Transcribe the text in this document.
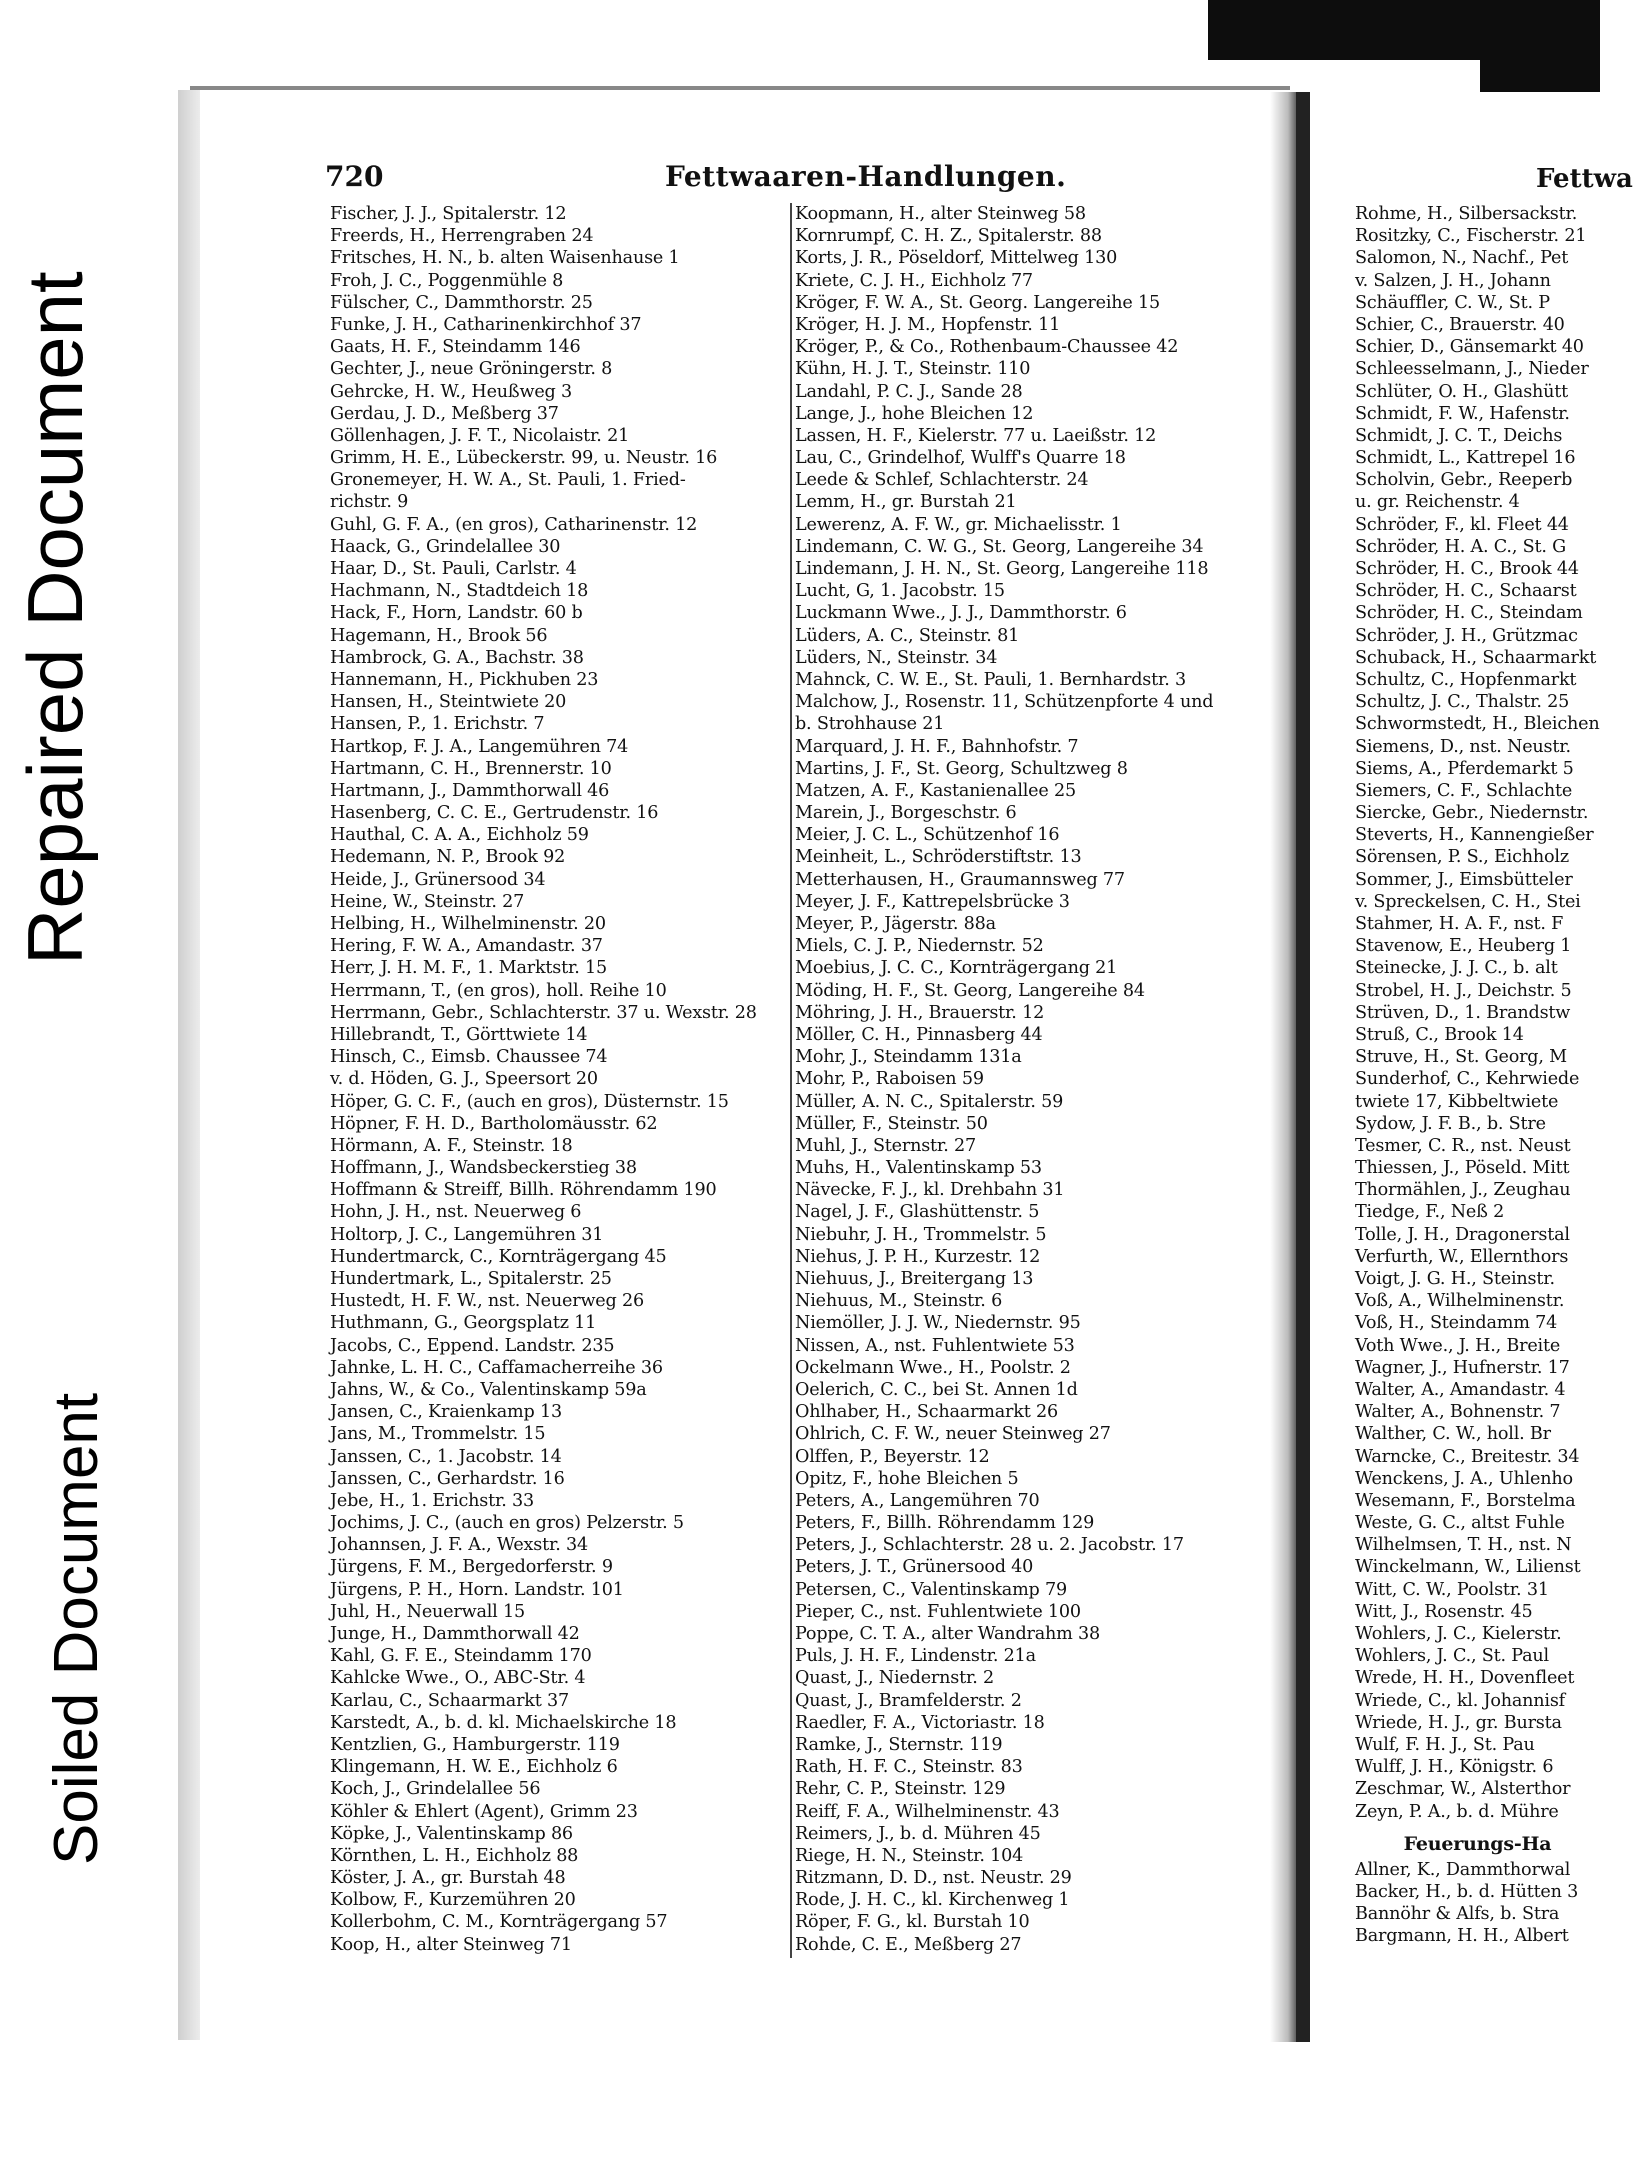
Repaired Document
Soiled Document
720	Fettwaaren-Handlungen.	Fettwa
Fischer, J. J., Spitalerstr. 12
Freerds, H., Herrengraben 24
Fritsches, H. N., b. alten Waisenhause 1
Froh, J. C., Poggenmühle 8
Fülscher, C., Dammthorstr. 25
Funke, J. H., Catharinenkirchhof 37
Gaats, H. F., Steindamm 146
Gechter, J., neue Gröningerstr. 8
Gehrcke, H. W., Heußweg 3
Gerdau, J. D., Meßberg 37
Göllenhagen, J. F. T., Nicolaistr. 21
Grimm, H. E., Lübeckerstr. 99, u. Neustr. 16
Gronemeyer, H. W. A., St. Pauli, 1. Fried-
richstr. 9
Guhl, G. F. A., (en gros), Catharinenstr. 12
Haack, G., Grindelallee 30
Haar, D., St. Pauli, Carlstr. 4
Hachmann, N., Stadtdeich 18
Hack, F., Horn, Landstr. 60 b
Hagemann, H., Brook 56
Hambrock, G. A., Bachstr. 38
Hannemann, H., Pickhuben 23
Hansen, H., Steintwiete 20
Hansen, P., 1. Erichstr. 7
Hartkop, F. J. A., Langemühren 74
Hartmann, C. H., Brennerstr. 10
Hartmann, J., Dammthorwall 46
Hasenberg, C. C. E., Gertrudenstr. 16
Hauthal, C. A. A., Eichholz 59
Hedemann, N. P., Brook 92
Heide, J., Grünersood 34
Heine, W., Steinstr. 27
Helbing, H., Wilhelminenstr. 20
Hering, F. W. A., Amandastr. 37
Herr, J. H. M. F., 1. Marktstr. 15
Herrmann, T., (en gros), holl. Reihe 10
Herrmann, Gebr., Schlachterstr. 37 u. Wexstr. 28
Hillebrandt, T., Görttwiete 14
Hinsch, C., Eimsb. Chaussee 74
v. d. Höden, G. J., Speersort 20
Höper, G. C. F., (auch en gros), Düsternstr. 15
Höpner, F. H. D., Bartholomäusstr. 62
Hörmann, A. F., Steinstr. 18
Hoffmann, J., Wandsbeckerstieg 38
Hoffmann & Streiff, Billh. Röhrendamm 190
Hohn, J. H., nst. Neuerweg 6
Holtorp, J. C., Langemühren 31
Hundertmarck, C., Kornträgergang 45
Hundertmark, L., Spitalerstr. 25
Hustedt, H. F. W., nst. Neuerweg 26
Huthmann, G., Georgsplatz 11
Jacobs, C., Eppend. Landstr. 235
Jahnke, L. H. C., Caffamacherreihe 36
Jahns, W., & Co., Valentinskamp 59a
Jansen, C., Kraienkamp 13
Jans, M., Trommelstr. 15
Janssen, C., 1. Jacobstr. 14
Janssen, C., Gerhardstr. 16
Jebe, H., 1. Erichstr. 33
Jochims, J. C., (auch en gros) Pelzerstr. 5
Johannsen, J. F. A., Wexstr. 34
Jürgens, F. M., Bergedorferstr. 9
Jürgens, P. H., Horn. Landstr. 101
Juhl, H., Neuerwall 15
Junge, H., Dammthorwall 42
Kahl, G. F. E., Steindamm 170
Kahlcke Wwe., O., ABC-Str. 4
Karlau, C., Schaarmarkt 37
Karstedt, A., b. d. kl. Michaelskirche 18
Kentzlien, G., Hamburgerstr. 119
Klingemann, H. W. E., Eichholz 6
Koch, J., Grindelallee 56
Köhler & Ehlert (Agent), Grimm 23
Köpke, J., Valentinskamp 86
Körnthen, L. H., Eichholz 88
Köster, J. A., gr. Burstah 48
Kolbow, F., Kurzemühren 20
Kollerbohm, C. M., Kornträgergang 57
Koop, H., alter Steinweg 71
Koopmann, H., alter Steinweg 58
Kornrumpf, C. H. Z., Spitalerstr. 88
Korts, J. R., Pöseldorf, Mittelweg 130
Kriete, C. J. H., Eichholz 77
Kröger, F. W. A., St. Georg. Langereihe 15
Kröger, H. J. M., Hopfenstr. 11
Kröger, P., & Co., Rothenbaum-Chaussee 42
Kühn, H. J. T., Steinstr. 110
Landahl, P. C. J., Sande 28
Lange, J., hohe Bleichen 12
Lassen, H. F., Kielerstr. 77 u. Laeißstr. 12
Lau, C., Grindelhof, Wulff's Quarre 18
Leede & Schlef, Schlachterstr. 24
Lemm, H., gr. Burstah 21
Lewerenz, A. F. W., gr. Michaelisstr. 1
Lindemann, C. W. G., St. Georg, Langereihe 34
Lindemann, J. H. N., St. Georg, Langereihe 118
Lucht, G, 1. Jacobstr. 15
Luckmann Wwe., J. J., Dammthorstr. 6
Lüders, A. C., Steinstr. 81
Lüders, N., Steinstr. 34
Mahnck, C. W. E., St. Pauli, 1. Bernhardstr. 3
Malchow, J., Rosenstr. 11, Schützenpforte 4 und
b. Strohhause 21
Marquard, J. H. F., Bahnhofstr. 7
Martins, J. F., St. Georg, Schultzweg 8
Matzen, A. F., Kastanienallee 25
Marein, J., Borgeschstr. 6
Meier, J. C. L., Schützenhof 16
Meinheit, L., Schröderstiftstr. 13
Metterhausen, H., Graumannsweg 77
Meyer, J. F., Kattrepelsbrücke 3
Meyer, P., Jägerstr. 88a
Miels, C. J. P., Niedernstr. 52
Moebius, J. C. C., Kornträgergang 21
Möding, H. F., St. Georg, Langereihe 84
Möhring, J. H., Brauerstr. 12
Möller, C. H., Pinnasberg 44
Mohr, J., Steindamm 131a
Mohr, P., Raboisen 59
Müller, A. N. C., Spitalerstr. 59
Müller, F., Steinstr. 50
Muhl, J., Sternstr. 27
Muhs, H., Valentinskamp 53
Nävecke, F. J., kl. Drehbahn 31
Nagel, J. F., Glashüttenstr. 5
Niebuhr, J. H., Trommelstr. 5
Niehus, J. P. H., Kurzestr. 12
Niehuus, J., Breitergang 13
Niehuus, M., Steinstr. 6
Niemöller, J. J. W., Niedernstr. 95
Nissen, A., nst. Fuhlentwiete 53
Ockelmann Wwe., H., Poolstr. 2
Oelerich, C. C., bei St. Annen 1d
Ohlhaber, H., Schaarmarkt 26
Ohlrich, C. F. W., neuer Steinweg 27
Olffen, P., Beyerstr. 12
Opitz, F., hohe Bleichen 5
Peters, A., Langemühren 70
Peters, F., Billh. Röhrendamm 129
Peters, J., Schlachterstr. 28 u. 2. Jacobstr. 17
Peters, J. T., Grünersood 40
Petersen, C., Valentinskamp 79
Pieper, C., nst. Fuhlentwiete 100
Poppe, C. T. A., alter Wandrahm 38
Puls, J. H. F., Lindenstr. 21a
Quast, J., Niedernstr. 2
Quast, J., Bramfelderstr. 2
Raedler, F. A., Victoriastr. 18
Ramke, J., Sternstr. 119
Rath, H. F. C., Steinstr. 83
Rehr, C. P., Steinstr. 129
Reiff, F. A., Wilhelminenstr. 43
Reimers, J., b. d. Mühren 45
Riege, H. N., Steinstr. 104
Ritzmann, D. D., nst. Neustr. 29
Rode, J. H. C., kl. Kirchenweg 1
Röper, F. G., kl. Burstah 10
Rohde, C. E., Meßberg 27
Rohme, H., Silbersackstr.
Rositzky, C., Fischerstr. 21
Salomon, N., Nachf., Pet
v. Salzen, J. H., Johann
Schäuffler, C. W., St. P
Schier, C., Brauerstr. 40
Schier, D., Gänsemarkt 40
Schleesselmann, J., Nieder
Schlüter, O. H., Glashütt
Schmidt, F. W., Hafenstr.
Schmidt, J. C. T., Deichs
Schmidt, L., Kattrepel 16
Scholvin, Gebr., Reeperb
u. gr. Reichenstr. 4
Schröder, F., kl. Fleet 44
Schröder, H. A. C., St. G
Schröder, H. C., Brook 44
Schröder, H. C., Schaarst
Schröder, H. C., Steindam
Schröder, J. H., Grützmac
Schuback, H., Schaarmarkt
Schultz, C., Hopfenmarkt
Schultz, J. C., Thalstr. 25
Schwormstedt, H., Bleichen
Siemens, D., nst. Neustr.
Siems, A., Pferdemarkt 5
Siemers, C. F., Schlachte
Siercke, Gebr., Niedernstr.
Steverts, H., Kannengießer
Sörensen, P. S., Eichholz
Sommer, J., Eimsbütteler
v. Spreckelsen, C. H., Stei
Stahmer, H. A. F., nst. F
Stavenow, E., Heuberg 1
Steinecke, J. J. C., b. alt
Strobel, H. J., Deichstr. 5
Strüven, D., 1. Brandstw
Struß, C., Brook 14
Struve, H., St. Georg, M
Sunderhof, C., Kehrwiede
twiete 17, Kibbeltwiete
Sydow, J. F. B., b. Stre
Tesmer, C. R., nst. Neust
Thiessen, J., Pöseld. Mitt
Thormählen, J., Zeughau
Tiedge, F., Neß 2
Tolle, J. H., Dragonerstal
Verfurth, W., Ellernthors
Voigt, J. G. H., Steinstr.
Voß, A., Wilhelminenstr.
Voß, H., Steindamm 74
Voth Wwe., J. H., Breite
Wagner, J., Hufnerstr. 17
Walter, A., Amandastr. 4
Walter, A., Bohnenstr. 7
Walther, C. W., holl. Br
Warncke, C., Breitestr. 34
Wenckens, J. A., Uhlenho
Wesemann, F., Borstelma
Weste, G. C., altst Fuhle
Wilhelmsen, T. H., nst. N
Winckelmann, W., Lilienst
Witt, C. W., Poolstr. 31
Witt, J., Rosenstr. 45
Wohlers, J. C., Kielerstr.
Wohlers, J. C., St. Paul
Wrede, H. H., Dovenfleet
Wriede, C., kl. Johannisf
Wriede, H. J., gr. Bursta
Wulf, F. H. J., St. Pau
Wulff, J. H., Königstr. 6
Zeschmar, W., Alsterthor
Zeyn, P. A., b. d. Mühre
Feuerungs-Ha
Allner, K., Dammthorwal
Backer, H., b. d. Hütten 3
Bannöhr & Alfs, b. Stra
Bargmann, H. H., Albert
